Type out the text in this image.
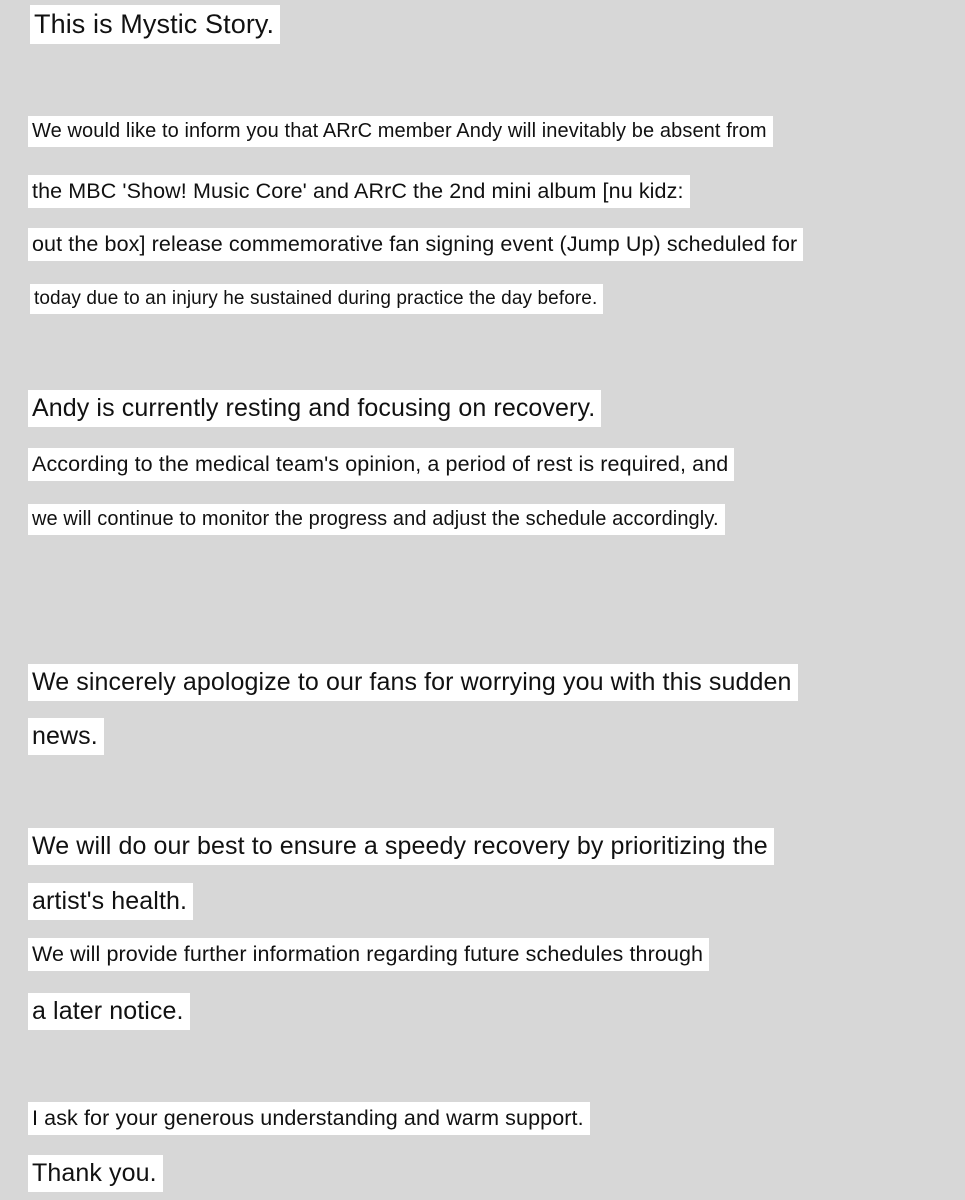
This is Mystic Story.
We would like to inform you that ARrC member Andy will inevitably be absent from
the MBC 'Show! Music Core' and ARrC the 2nd mini album [nu kidz:
out the box] release commemorative fan signing event (Jump Up) scheduled for
today due to an injury he sustained during practice the day before.
Andy is currently resting and focusing on recovery.
According to the medical team's opinion, a period of rest is required, and
we will continue to monitor the progress and adjust the schedule accordingly.
We sincerely apologize to our fans for worrying you with this sudden
news.
We will do our best to ensure a speedy recovery by prioritizing the
artist's health.
We will provide further information regarding future schedules through
a later notice.
I ask for your generous understanding and warm support.
Thank you.
